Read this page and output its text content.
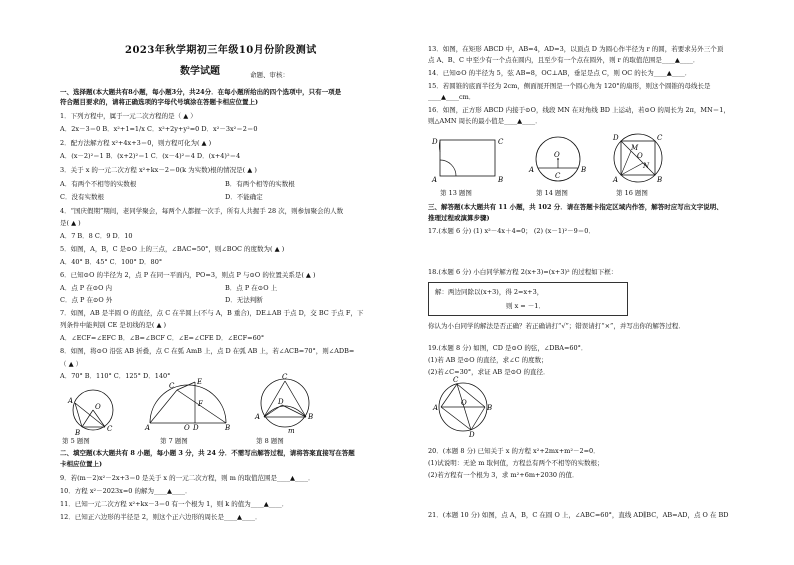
2023年秋学期初三年级10月份阶段测试
数学试题	命题、审核：
一、选择题(本大题共有8小题，每小题3分，共24分．在每小题所给出的四个选项中，只有一项是
符合题目要求的，请将正确选项的字母代号填涂在答题卡相应位置上)
1．下列方程中，属于一元二次方程的是（ ▲ ）
A．2x－3＝0 B．x²+1=1/x C．x²+2y+y²=0 D．x²－3x²＝2＝0
2．配方法解方程 x²+4x+3＝0，则方程可化为( ▲ )
A．(x－2)²＝1 B．(x+2)²＝1 C．(x－4)²＝4 D．(x+4)²＝4
3．关于 x 的一元二次方程 x²+kx－2＝0(k 为实数)根的情况是( ▲ )
A．有两个不相等的实数根	B．有两个相等的实数根
C．没有实数根	D．不能确定
4．“国庆假期”期间，老同学聚会，每两个人都握一次手，所有人共握手 28 次，则参加聚会的人数
是( ▲ )
A．7 B．8 C．9 D．10
5．如图，A，B，C 是⊙O 上的三点，∠BAC=50°，则∠BOC 的度数为( ▲ )
A．40° B．45° C．100° D．80°
6．已知⊙O 的半径为 2，点 P 在同一平面内，PO=3，则点 P 与⊙O 的位置关系是( ▲ )
A．点 P 在⊙O 内	B．点 P 在⊙O 上
C．点 P 在⊙O 外	D．无法判断
7．如图，AB 是半圆 O 的直径，点 C 在半圆上(不与 A，B 重合)，DE⊥AB 于点 D，交 BC 于点 F，下
列条件中能判别 CE 是切线的是( ▲ )
A．∠ECF=∠EFC B．∠B=∠BCF C．∠E=∠CFE D．∠ECF=60°
8．如图，将⊙O 沿弦 AB 折叠，点 C 在弧 AmB 上，点 D 在弧 AB 上，若∠ACB=70°，则∠ADB=
（ ▲ ）
A．70° B．110° C．125° D．140°
A
B	C
O
第 5 题图
C	E
F
A	O D	B
第 7 题图
C
A	B
D
m
第 8 题图
二、填空题(本大题共有 8 小题，每小题 3 分，共 24 分．不需写出解答过程，请将答案直接写在答题
卡相应位置上)
9．若(m－2)x²－2x+3＝0 是关于 x 的一元二次方程，则 m 的取值范围是____▲____．
10．方程 x²－2023x=0 的解为____▲____．
11．已知一元二次方程 x²+kx－3＝0 有一个根为 1，则 k 的值为____▲____．
12．已知正六边形的半径是 2，则这个正六边形的周长是____▲____．
13．如图，在矩形 ABCD 中，AB=4，AD=3，以顶点 D 为圆心作半径为 r 的圆，若要求另外三个顶
点 A、B、C 中至少有一个点在圆内，且至少有一个点在圆外，则 r 的取值范围是____▲____．
14．已知⊙O 的半径为 5，弦 AB=8，OC⊥AB，垂足是点 C，则 OC 的长为____▲____．
15．若圆锥的底面半径为 2cm，侧面展开图是一个圆心角为 120°的扇形，则这个圆锥的母线长是
____▲____cm．
16．如图，正方形 ABCD 内接于⊙O，线段 MN 在对角线 BD 上运动，若⊙O 的周长为 2π，MN＝1，
则△AMN 周长的最小值是____▲____．
D	C
A	B
第 13 题图
O
A	B
C
第 14 题图
D	C
A	B
M
O
N
第 16 题图
三、解答题(本大题共有 11 小题，共 102 分．请在答题卡指定区域内作答，解答时应写出文字说明、
推理过程或演算步骤)
17.(本题 6 分) (1) x²－4x＋4=0； (2) (x－1)²－9＝0．
18.(本题 6 分) 小白同学解方程 2(x+3)=(x+3)² 的过程如下框：
解：两边同除以(x+3)，得 2=x+3，
则 x = －1．
你认为小白同学的解法是否正确？若正确请打“√”；错误请打“×”，并写出你的解答过程．
19.(本题 8 分) 如图，CD 是⊙O 的弦，∠DBA=60°．
(1)若 AB 是⊙O 的直径，求∠C 的度数；
(2)若∠C=30°，求证 AB 是⊙O 的直径．
C
A	B
D
O
20．(本题 8 分) 已知关于 x 的方程 x²+2mx+m²－2=0．
(1)试说明：无论 m 取何值，方程总有两个不相等的实数根；
(2)若方程有一个根为 3，求 m²+6m+2030 的值．
21．(本题 10 分) 如图，点 A，B，C 在圆 O 上，∠ABC=60°，直线 AD∥BC，AB=AD，点 O 在 BD
